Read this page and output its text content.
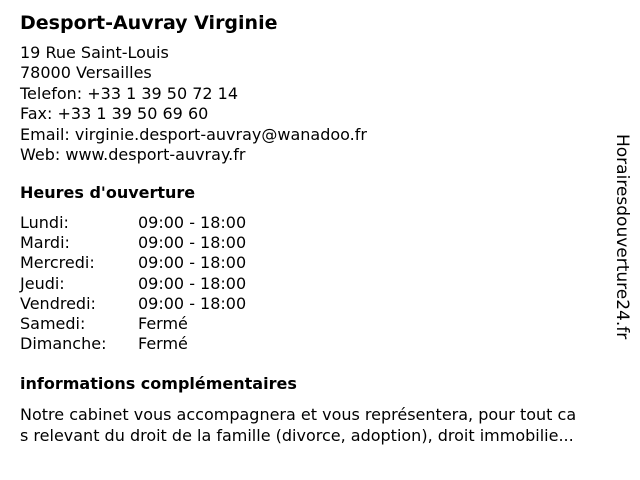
Desport-Auvray Virginie
19 Rue Saint-Louis
78000 Versailles
Telefon: +33 1 39 50 72 14
Fax: +33 1 39 50 69 60
Email: virginie.desport-auvray@wanadoo.fr
Web: www.desport-auvray.fr
Heures d'ouverture
Lundi:	09:00 - 18:00
Mardi:	09:00 - 18:00
Mercredi:	09:00 - 18:00
Jeudi:	09:00 - 18:00
Vendredi:	09:00 - 18:00
Samedi:	Fermé
Dimanche: Fermé
informations complémentaires
Notre cabinet vous accompagnera et vous représentera, pour tout ca
s relevant du droit de la famille (divorce, adoption), droit immobilie...
Horairesdouverture24.fr
